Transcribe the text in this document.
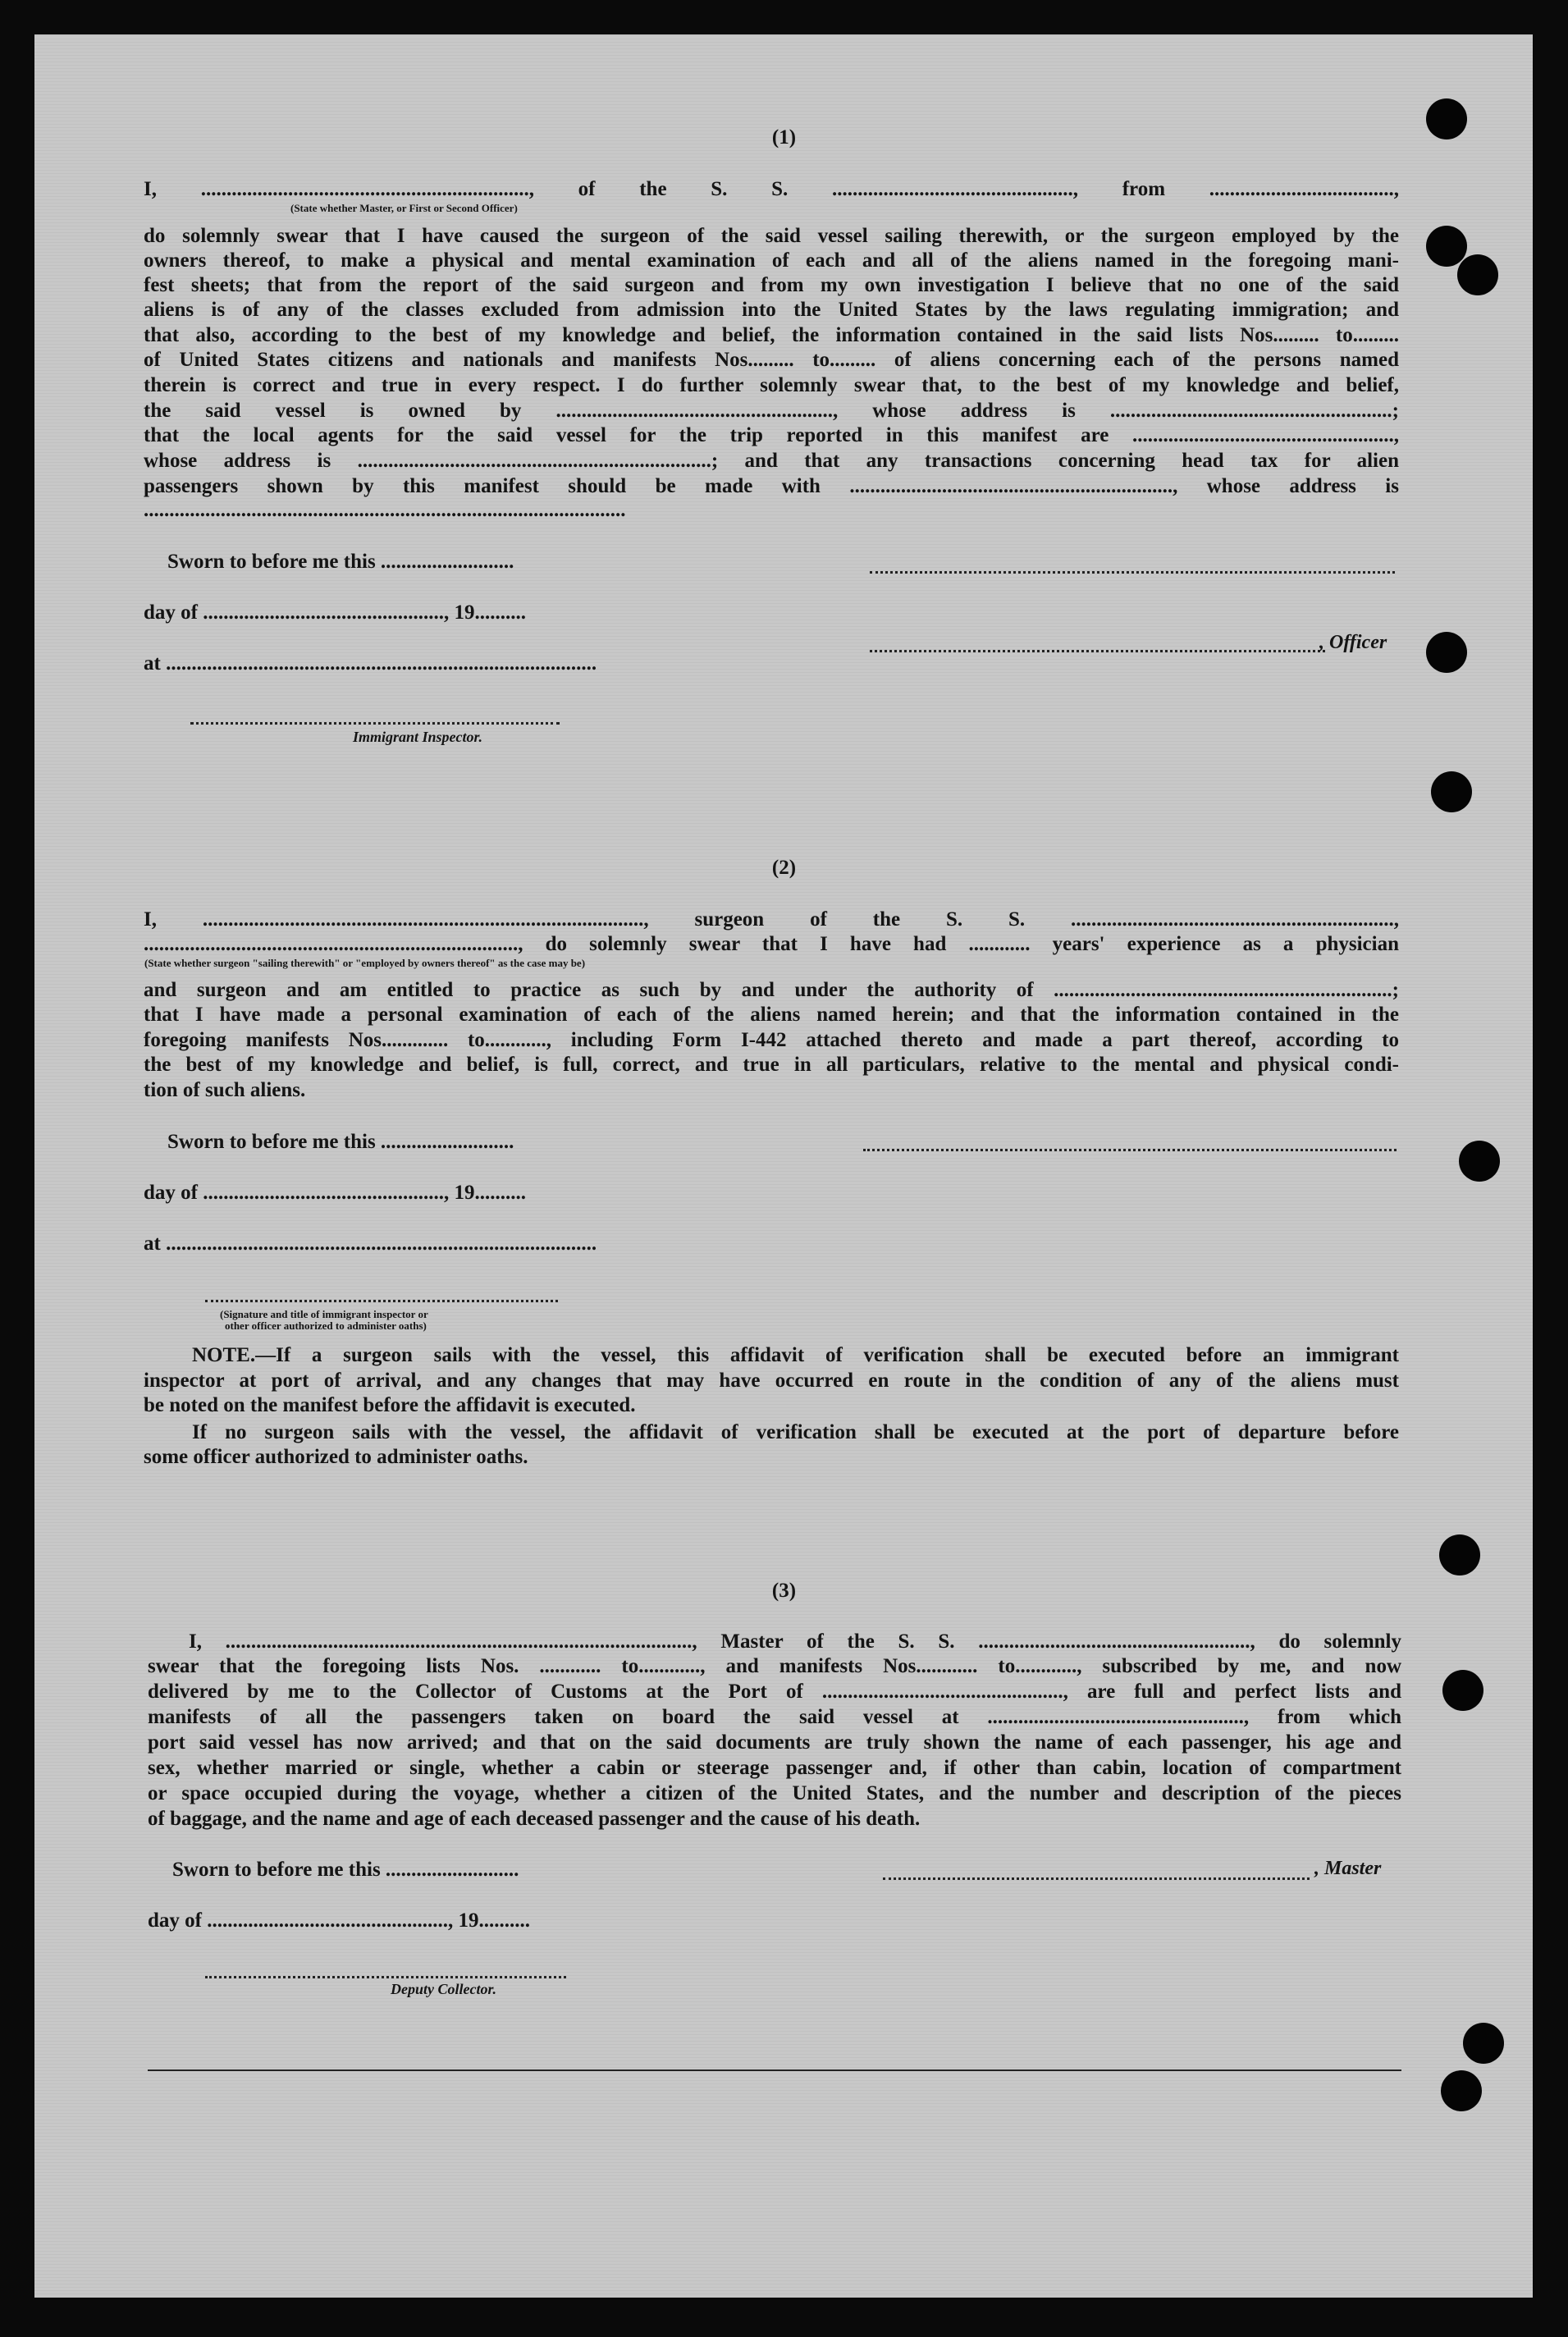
(1)
I, ................................................................, of the S. S. ..............................................., from ....................................,
(State whether Master, or First or Second Officer)
do solemnly swear that I have caused the surgeon of the said vessel sailing therewith, or the surgeon employed by the
owners thereof, to make a physical and mental examination of each and all of the aliens named in the foregoing mani-
fest sheets; that from the report of the said surgeon and from my own investigation I believe that no one of the said
aliens is of any of the classes excluded from admission into the United States by the laws regulating immigration; and
that also, according to the best of my knowledge and belief, the information contained in the said lists Nos......... to.........
of United States citizens and nationals and manifests Nos......... to......... of aliens concerning each of the persons named
therein is correct and true in every respect. I do further solemnly swear that, to the best of my knowledge and belief,
the said vessel is owned by ......................................................, whose address is .......................................................;
that the local agents for the said vessel for the trip reported in this manifest are ...................................................,
whose address is .....................................................................; and that any transactions concerning head tax for alien
passengers shown by this manifest should be made with ..............................................................., whose address is
..............................................................................................
Sworn to before me this ..........................
day of ..............................................., 19..........
at ....................................................................................
, Officer
Immigrant Inspector.
(2)
I, ......................................................................................, surgeon of the S. S. ...............................................................,
........................................................................., do solemnly swear that I have had ............ years' experience as a physician
(State whether surgeon "sailing therewith" or "employed by owners thereof" as the case may be)
and surgeon and am entitled to practice as such by and under the authority of ..................................................................;
that I have made a personal examination of each of the aliens named herein; and that the information contained in the
foregoing manifests Nos............. to............, including Form I-442 attached thereto and made a part thereof, according to
the best of my knowledge and belief, is full, correct, and true in all particulars, relative to the mental and physical condi-
tion of such aliens.
Sworn to before me this ..........................
day of ..............................................., 19..........
at ....................................................................................
(Signature and title of immigrant inspector or
other officer authorized to administer oaths)
NOTE.—If a surgeon sails with the vessel, this affidavit of verification shall be executed before an immigrant
inspector at port of arrival, and any changes that may have occurred en route in the condition of any of the aliens must
be noted on the manifest before the affidavit is executed.
If no surgeon sails with the vessel, the affidavit of verification shall be executed at the port of departure before
some officer authorized to administer oaths.
(3)
I, ..........................................................................................., Master of the S. S. ....................................................., do solemnly
swear that the foregoing lists Nos. ............ to............, and manifests Nos............ to............, subscribed by me, and now
delivered by me to the Collector of Customs at the Port of ..............................................., are full and perfect lists and
manifests of all the passengers taken on board the said vessel at .................................................., from which
port said vessel has now arrived; and that on the said documents are truly shown the name of each passenger, his age and
sex, whether married or single, whether a cabin or steerage passenger and, if other than cabin, location of compartment
or space occupied during the voyage, whether a citizen of the United States, and the number and description of the pieces
of baggage, and the name and age of each deceased passenger and the cause of his death.
Sworn to before me this ..........................	, Master
day of ..............................................., 19..........
Deputy Collector.
